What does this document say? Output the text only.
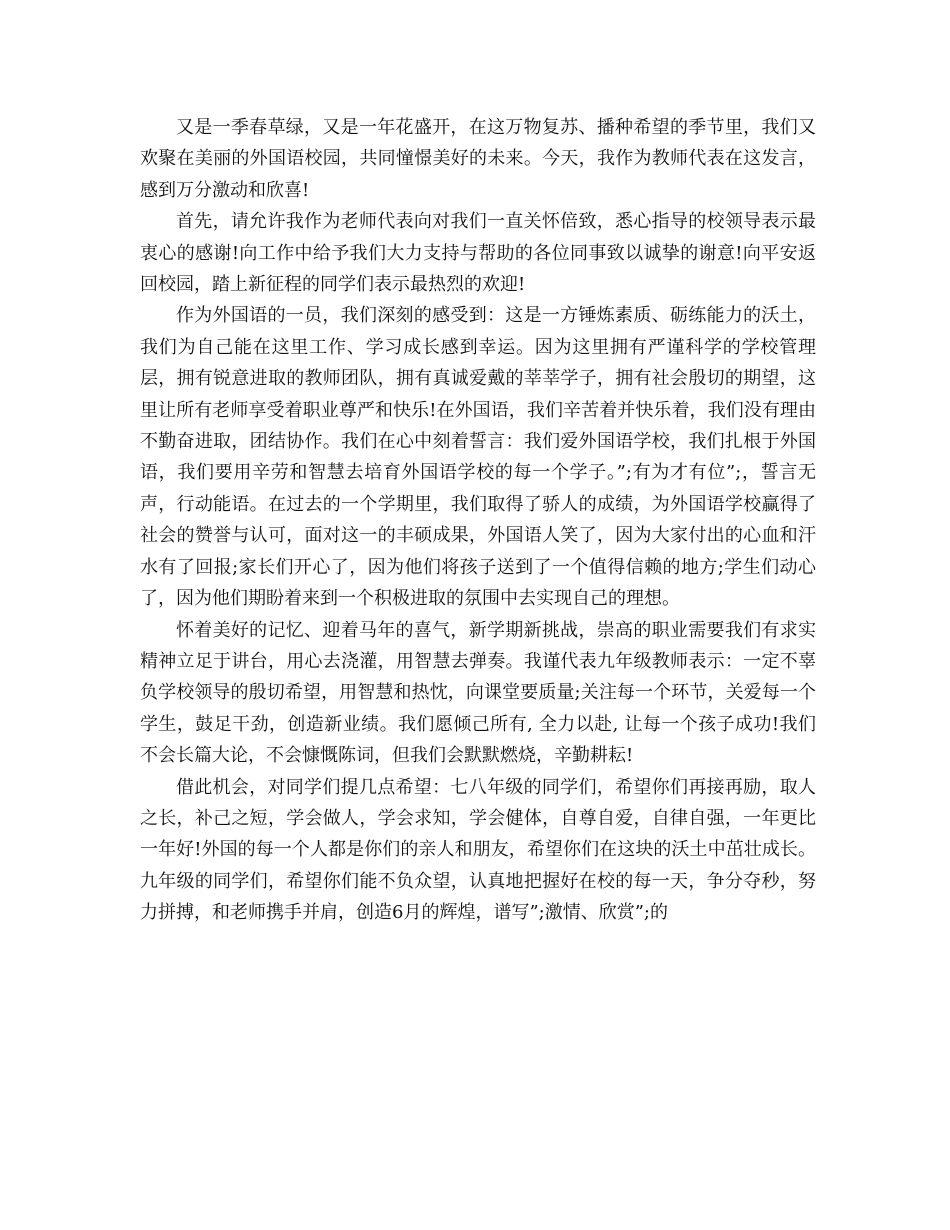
又是一季春草绿，又是一年花盛开，在这万物复苏、播种希望的季节里，我们又欢聚在美丽的外国语校园，共同憧憬美好的未来。今天，我作为教师代表在这发言，感到万分激动和欣喜!

首先，请允许我作为老师代表向对我们一直关怀倍致，悉心指导的校领导表示最衷心的感谢!向工作中给予我们大力支持与帮助的各位同事致以诚挚的谢意!向平安返回校园，踏上新征程的同学们表示最热烈的欢迎!

作为外国语的一员，我们深刻的感受到：这是一方锤炼素质、砺练能力的沃土，我们为自己能在这里工作、学习成长感到幸运。因为这里拥有严谨科学的学校管理层，拥有锐意进取的教师团队，拥有真诚爱戴的莘莘学子，拥有社会殷切的期望，这里让所有老师享受着职业尊严和快乐!在外国语，我们辛苦着并快乐着，我们没有理由不勤奋进取，团结协作。我们在心中刻着誓言：我们爱外国语学校，我们扎根于外国语，我们要用辛劳和智慧去培育外国语学校的每一个学子。”;有为才有位”;，誓言无声，行动能语。在过去的一个学期里，我们取得了骄人的成绩，为外国语学校赢得了社会的赞誉与认可，面对这一的丰硕成果，外国语人笑了，因为大家付出的心血和汗水有了回报;家长们开心了，因为他们将孩子送到了一个值得信赖的地方;学生们动心了，因为他们期盼着来到一个积极进取的氛围中去实现自己的理想。

怀着美好的记忆、迎着马年的喜气，新学期新挑战，崇高的职业需要我们有求实精神立足于讲台，用心去浇灌，用智慧去弹奏。我谨代表九年级教师表示：一定不辜负学校领导的殷切希望，用智慧和热忱，向课堂要质量;关注每一个环节，关爱每一个学生，鼓足干劲，创造新业绩。我们愿倾己所有, 全力以赴, 让每一个孩子成功!我们不会长篇大论，不会慷慨陈词，但我们会默默燃烧，辛勤耕耘!

借此机会，对同学们提几点希望：七八年级的同学们，希望你们再接再励，取人之长，补己之短，学会做人，学会求知，学会健体，自尊自爱，自律自强，一年更比一年好!外国的每一个人都是你们的亲人和朋友，希望你们在这块的沃土中茁壮成长。九年级的同学们，希望你们能不负众望，认真地把握好在校的每一天，争分夺秒，努力拼搏，和老师携手并肩，创造6月的辉煌，谱写”;激情、欣赏”;的
